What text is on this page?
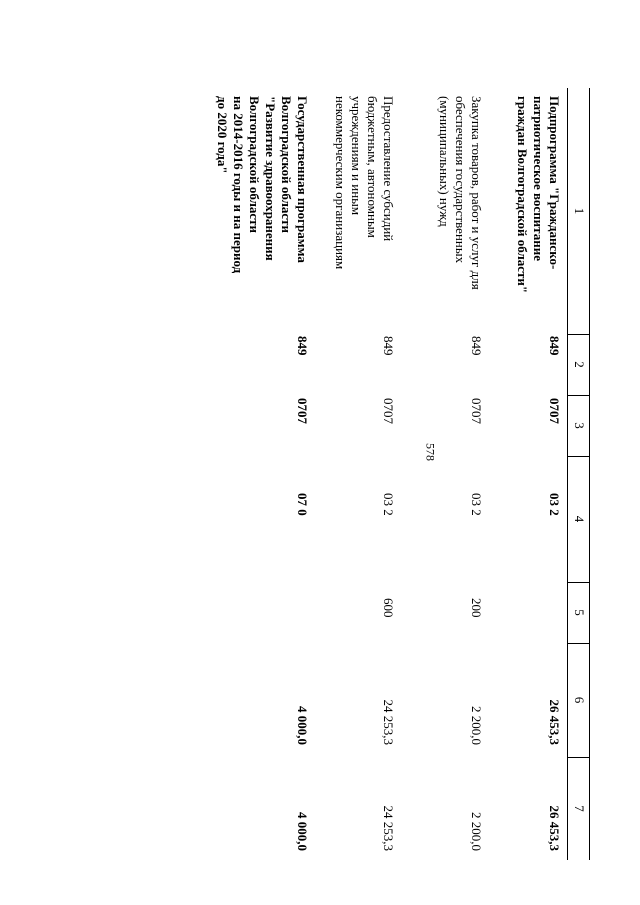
578
1
2
3
4
5
6
7
Подпрограмма "Гражданско-
патриотическое воспитание
граждан Волгоградской области"
849
0707
03 2
26 453,3
26 453,3
Закупка товаров, работ и услуг для
обеспечения государственных
(муниципальных) нужд
849
0707
03 2
200
2 200,0
2 200,0
Предоставление субсидий
бюджетным, автономным
учреждениям и иным
некоммерческим организациям
849
0707
03 2
600
24 253,3
24 253,3
Государственная программа
Волгоградской области
"Развитие здравоохранения
Волгоградской области
на 2014-2016 годы и на период
до 2020 года"
849
0707
07 0
4 000,0
4 000,0
